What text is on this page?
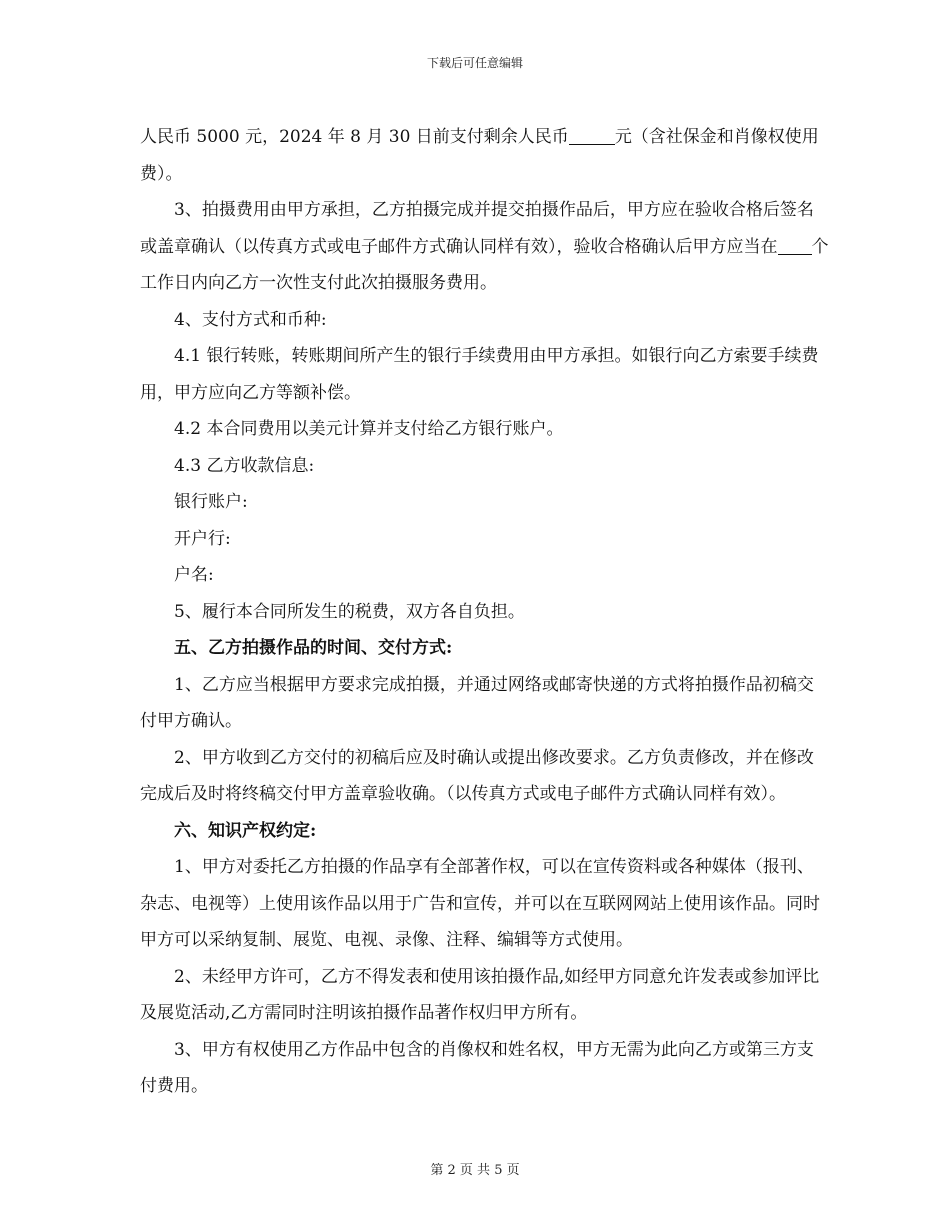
下载后可任意编辑

人民币 5000 元，2024 年 8 月 30 日前支付剩余人民币	元（含社保金和肖像权使用费）。

3、拍摄费用由甲方承担，乙方拍摄完成并提交拍摄作品后，甲方应在验收合格后签名或盖章确认（以传真方式或电子邮件方式确认同样有效），验收合格确认后甲方应当在 个工作日内向乙方一次性支付此次拍摄服务费用。

4、支付方式和币种:

4.1 银行转账，转账期间所产生的银行手续费用由甲方承担。如银行向乙方索要手续费用，甲方应向乙方等额补偿。

4.2 本合同费用以美元计算并支付给乙方银行账户。

4.3 乙方收款信息:

银行账户:

开户行:

户名:

5、履行本合同所发生的税费，双方各自负担。

五、乙方拍摄作品的时间、交付方式:

1、乙方应当根据甲方要求完成拍摄，并通过网络或邮寄快递的方式将拍摄作品初稿交付甲方确认。

2、甲方收到乙方交付的初稿后应及时确认或提出修改要求。乙方负责修改，并在修改完成后及时将终稿交付甲方盖章验收确。（以传真方式或电子邮件方式确认同样有效）。

六、知识产权约定:

1、甲方对委托乙方拍摄的作品享有全部著作权，可以在宣传资料或各种媒体（报刊、杂志、电视等）上使用该作品以用于广告和宣传，并可以在互联网网站上使用该作品。同时甲方可以采纳复制、展览、电视、录像、注释、编辑等方式使用。

2、未经甲方许可，乙方不得发表和使用该拍摄作品,如经甲方同意允许发表或参加评比及展览活动,乙方需同时注明该拍摄作品著作权归甲方所有。

3、甲方有权使用乙方作品中包含的肖像权和姓名权，甲方无需为此向乙方或第三方支付费用。

第 2 页 共 5 页
